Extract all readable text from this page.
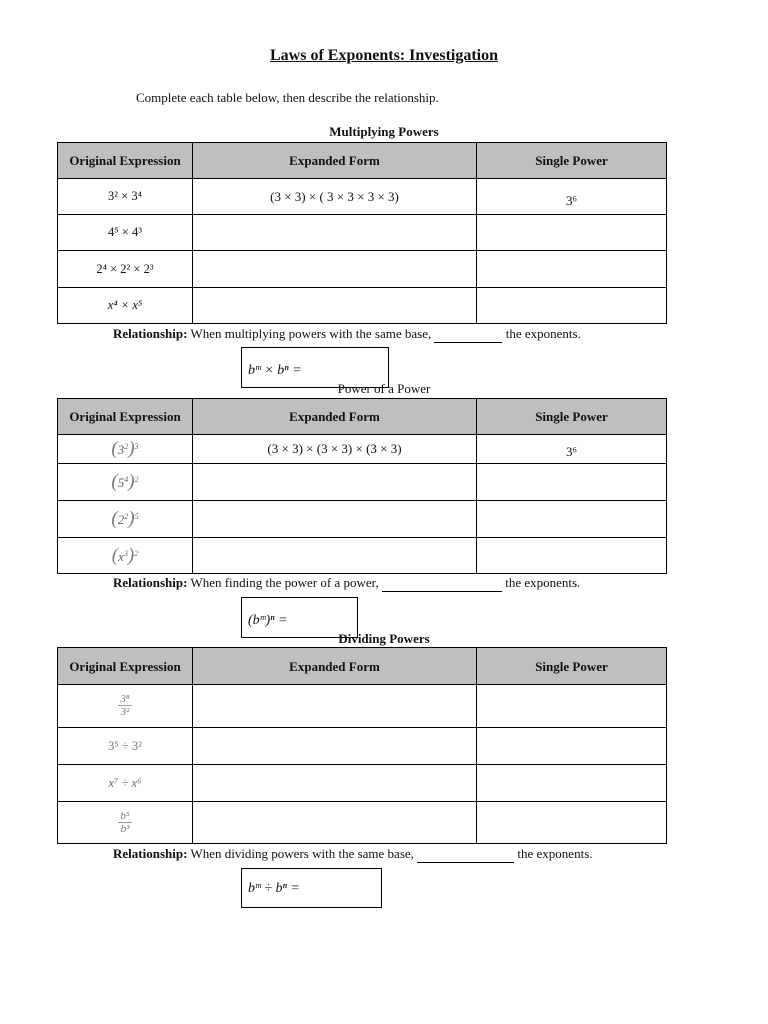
Laws of Exponents: Investigation
Complete each table below, then describe the relationship.
Multiplying Powers
Original Expression	Expanded Form	Single Power
3² × 3⁴	(3 × 3) × ( 3 × 3 × 3 × 3)	3⁶
4⁵ × 4³		
2⁴ × 2² × 2³		
x⁴ × x⁵		
Relationship: When multiplying powers with the same base,	the exponents.
bᵐ × bⁿ =
Power of a Power
Original Expression	Expanded Form	Single Power
$(3^2)^3$	(3 × 3) × (3 × 3) × (3 × 3)	3⁶
$(5^4)^2$		
$(2^2)^5$		
$(x^3)^2$		
Relationship: When finding the power of a power,	the exponents.
(bᵐ)ⁿ =
Dividing Powers
Original Expression	Expanded Form	Single Power

$\frac{\text{3⁸}}{\text{3²}}$

3⁵ ÷ 3²		
x⁷ ÷ x⁶		

$\frac{\text{b⁵}}{\text{b³}}$

Relationship: When dividing powers with the same base,	the exponents.
bᵐ ÷ bⁿ =
